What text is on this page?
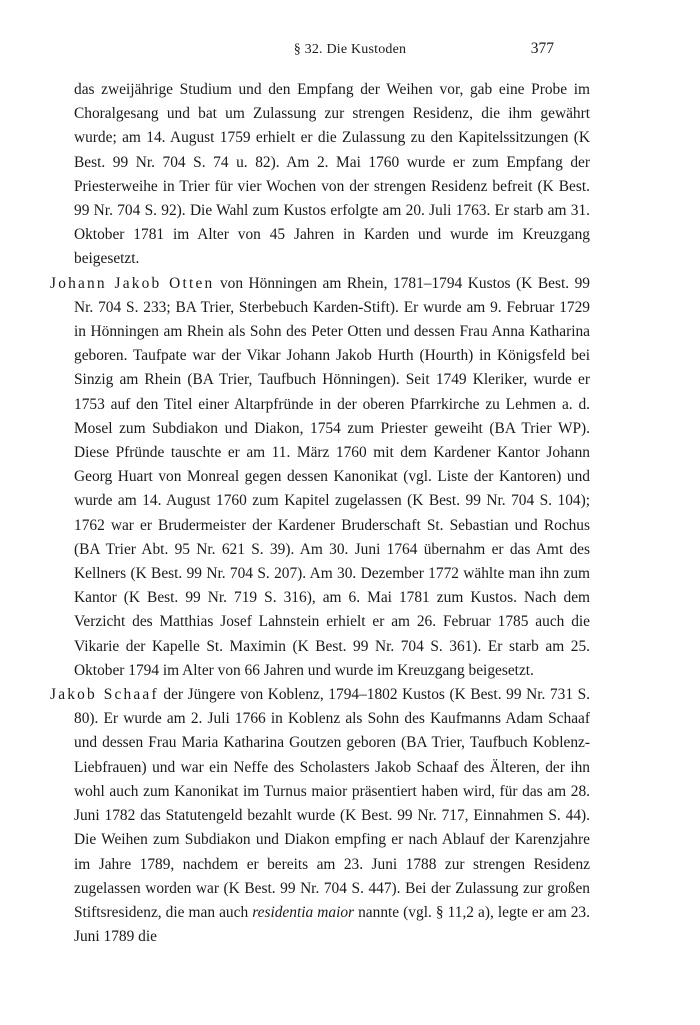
§ 32. Die Kustoden	377

das zweijährige Studium und den Empfang der Weihen vor, gab eine Probe im Choralgesang und bat um Zulassung zur strengen Residenz, die ihm gewährt wurde; am 14. August 1759 erhielt er die Zulassung zu den Kapitelssitzungen (K Best. 99 Nr. 704 S. 74 u. 82). Am 2. Mai 1760 wurde er zum Empfang der Priesterweihe in Trier für vier Wochen von der strengen Residenz befreit (K Best. 99 Nr. 704 S. 92). Die Wahl zum Kustos erfolgte am 20. Juli 1763. Er starb am 31. Oktober 1781 im Alter von 45 Jahren in Karden und wurde im Kreuzgang beigesetzt.

Johann Jakob Otten von Hönningen am Rhein, 1781–1794 Kustos (K Best. 99 Nr. 704 S. 233; BA Trier, Sterbebuch Karden-Stift). Er wurde am 9. Februar 1729 in Hönningen am Rhein als Sohn des Peter Otten und dessen Frau Anna Katharina geboren. Taufpate war der Vikar Johann Jakob Hurth (Hourth) in Königsfeld bei Sinzig am Rhein (BA Trier, Taufbuch Hönningen). Seit 1749 Kleriker, wurde er 1753 auf den Titel einer Altarpfründe in der oberen Pfarrkirche zu Lehmen a. d. Mosel zum Subdiakon und Diakon, 1754 zum Priester geweiht (BA Trier WP). Diese Pfründe tauschte er am 11. März 1760 mit dem Kardener Kantor Johann Georg Huart von Monreal gegen dessen Kanonikat (vgl. Liste der Kantoren) und wurde am 14. August 1760 zum Kapitel zugelassen (K Best. 99 Nr. 704 S. 104); 1762 war er Brudermeister der Kardener Bruderschaft St. Sebastian und Rochus (BA Trier Abt. 95 Nr. 621 S. 39). Am 30. Juni 1764 übernahm er das Amt des Kellners (K Best. 99 Nr. 704 S. 207). Am 30. Dezember 1772 wählte man ihn zum Kantor (K Best. 99 Nr. 719 S. 316), am 6. Mai 1781 zum Kustos. Nach dem Verzicht des Matthias Josef Lahnstein erhielt er am 26. Februar 1785 auch die Vikarie der Kapelle St. Maximin (K Best. 99 Nr. 704 S. 361). Er starb am 25. Oktober 1794 im Alter von 66 Jahren und wurde im Kreuzgang beigesetzt.

Jakob Schaaf der Jüngere von Koblenz, 1794–1802 Kustos (K Best. 99 Nr. 731 S. 80). Er wurde am 2. Juli 1766 in Koblenz als Sohn des Kaufmanns Adam Schaaf und dessen Frau Maria Katharina Goutzen geboren (BA Trier, Taufbuch Koblenz-Liebfrauen) und war ein Neffe des Scholasters Jakob Schaaf des Älteren, der ihn wohl auch zum Kanonikat im Turnus maior präsentiert haben wird, für das am 28. Juni 1782 das Statutengeld bezahlt wurde (K Best. 99 Nr. 717, Einnahmen S. 44). Die Weihen zum Subdiakon und Diakon empfing er nach Ablauf der Karenzjahre im Jahre 1789, nachdem er bereits am 23. Juni 1788 zur strengen Residenz zugelassen worden war (K Best. 99 Nr. 704 S. 447). Bei der Zulassung zur großen Stiftsresidenz, die man auch residentia maior nannte (vgl. § 11,2 a), legte er am 23. Juni 1789 die
